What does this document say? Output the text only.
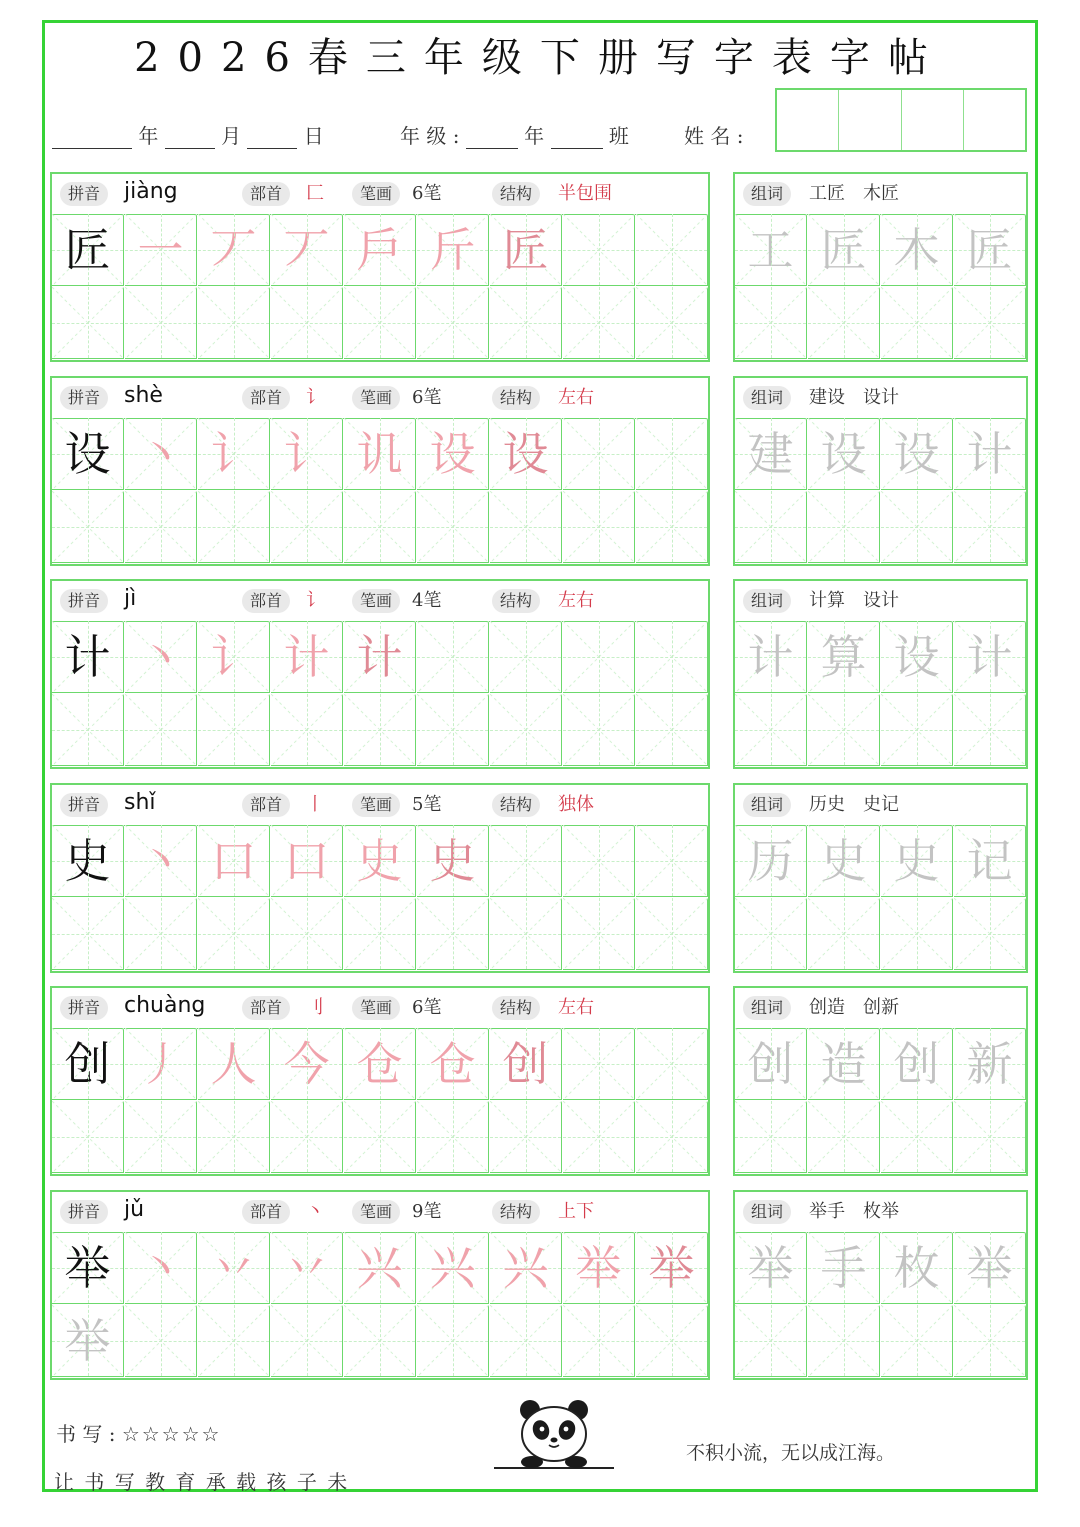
2026春三年级下册写字表字帖
年	月	日	年 级 :	年	班	姓 名 :
拼音	jiàng	部首	匚	笔画	6笔	结构	半包围
匠 一 丆 丆 戶 斤 匠
组词	工匠　木匠
工 匠 木 匠
拼音	shè	部首	讠	笔画	6笔	结构	左右
设 丶 讠 讠 讥 设 设
组词	建设　设计
建 设 设 计
拼音	jì	部首	讠	笔画	4笔	结构	左右
计 丶 讠 计 计
组词	计算　设计
计 算 设 计
拼音	shǐ	部首	丨	笔画	5笔	结构	独体
史 丶 口 口 史 史
组词	历史　史记
历 史 史 记
拼音	chuàng	部首	刂	笔画	6笔	结构	左右
创 丿 人 今 仓 仓 创
组词	创造　创新
创 造 创 新
拼音	jǔ	部首	丶	笔画	9笔	结构	上下
举 丶 丷 丷 兴 兴 兴 举 举
举
组词	举手　枚举
举 手 枚 举
书 写 : ☆☆☆☆☆
让 书 写 教 育 承 载 孩 子 未
不积小流，无以成江海。
